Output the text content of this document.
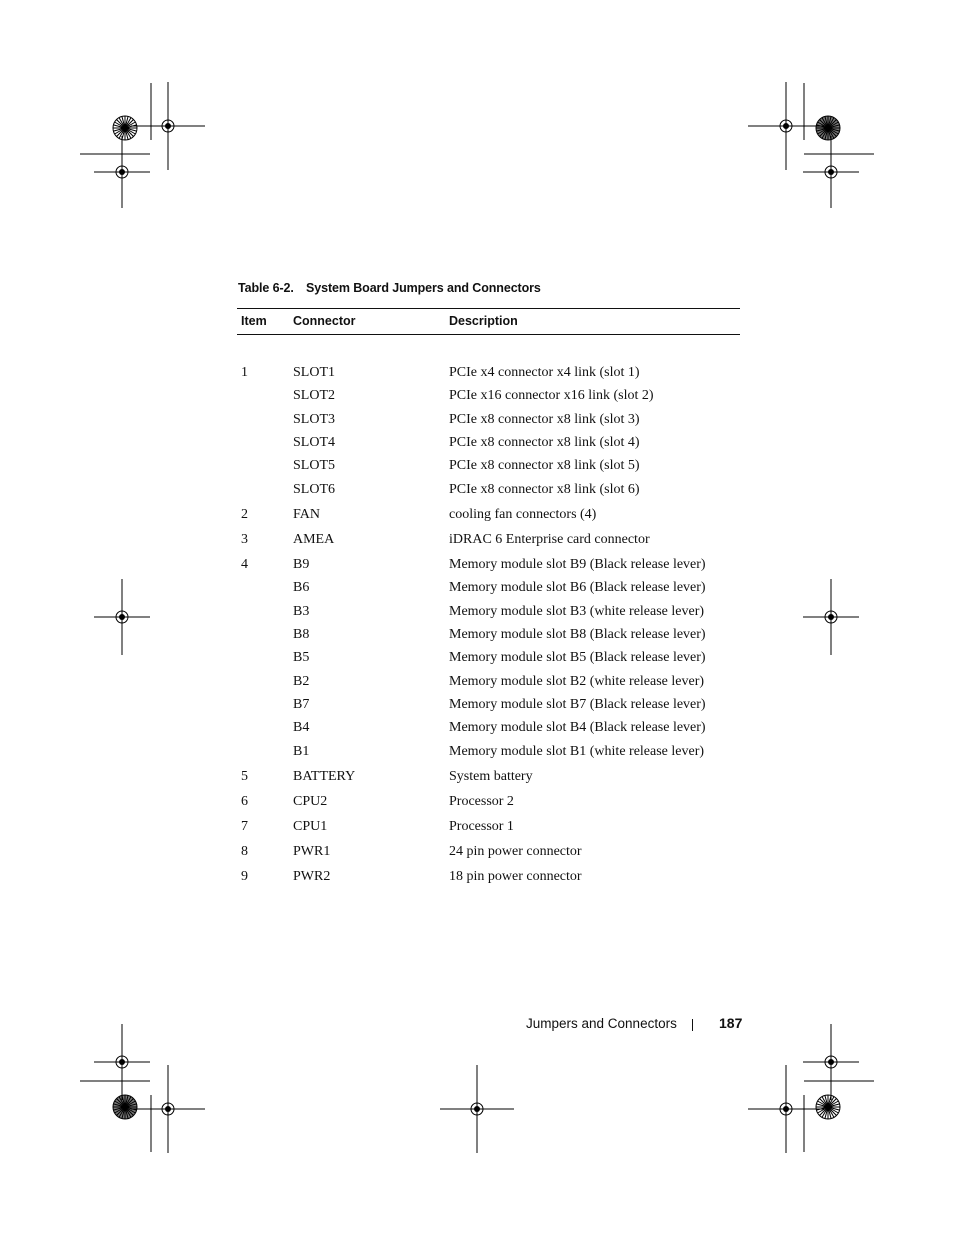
Table 6-2. System Board Jumpers and Connectors
Item Connector	Description
1	SLOT1	PCIe x4 connector x4 link (slot 1)
SLOT2	PCIe x16 connector x16 link (slot 2)
SLOT3	PCIe x8 connector x8 link (slot 3)
SLOT4	PCIe x8 connector x8 link (slot 4)
SLOT5	PCIe x8 connector x8 link (slot 5)
SLOT6	PCIe x8 connector x8 link (slot 6)
2	FAN	cooling fan connectors (4)
3	AMEA	iDRAC 6 Enterprise card connector
4	B9	Memory module slot B9 (Black release lever)
B6	Memory module slot B6 (Black release lever)
B3	Memory module slot B3 (white release lever)
B8	Memory module slot B8 (Black release lever)
B5	Memory module slot B5 (Black release lever)
B2	Memory module slot B2 (white release lever)
B7	Memory module slot B7 (Black release lever)
B4	Memory module slot B4 (Black release lever)
B1	Memory module slot B1 (white release lever)
5	BATTERY	System battery
6	CPU2	Processor 2
7	CPU1	Processor 1
8	PWR1	24 pin power connector
9	PWR2	18 pin power connector
Jumpers and Connectors	187
